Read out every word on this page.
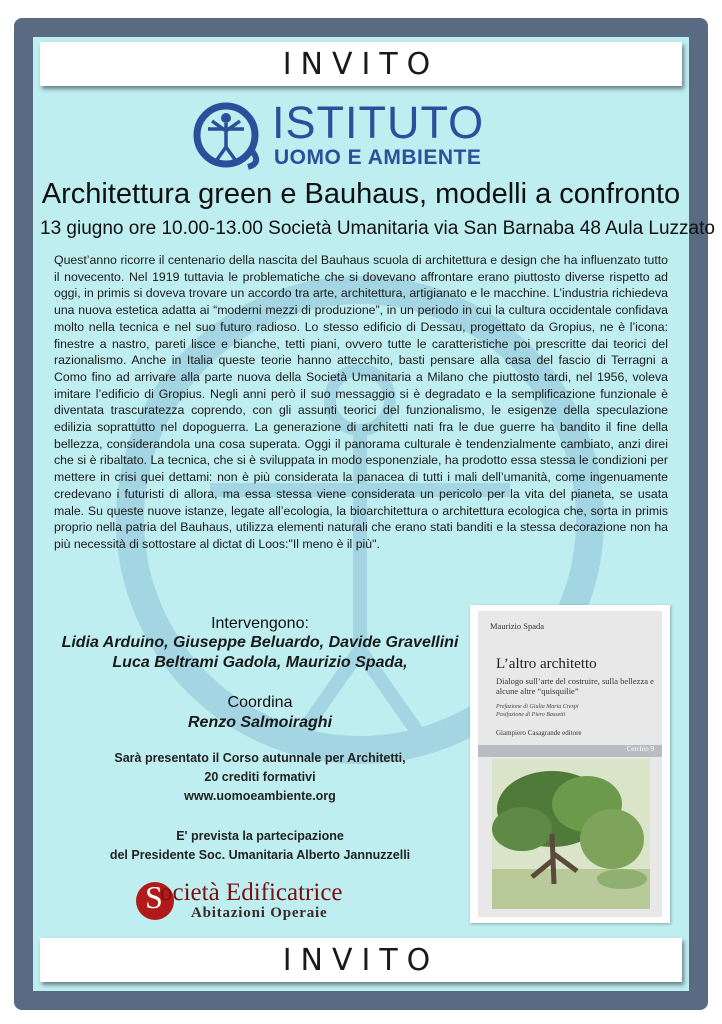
INVITO
ISTITUTO
UOMO E AMBIENTE
Architettura green e Bauhaus, modelli a confronto
13 giugno ore 10.00-13.00 Società Umanitaria via San Barnaba 48 Aula Luzzato
Quest’anno ricorre il centenario della nascita del Bauhaus scuola di architettura e design che ha influenzato tutto il novecento. Nel 1919 tuttavia le problematiche che si dovevano affrontare erano piuttosto diverse rispetto ad oggi, in primis si doveva trovare un accordo tra arte, architettura, artigianato e le macchine. L’industria richiedeva una nuova estetica adatta ai “moderni mezzi di produzione”, in un periodo in cui la cultura occidentale confidava molto nella tecnica e nel suo futuro radioso. Lo stesso edificio di Dessau, progettato da Gropius, ne è l’icona: finestre a nastro, pareti lisce e bianche, tetti piani, ovvero tutte le caratteristiche poi prescritte dai teorici del razionalismo. Anche in Italia queste teorie hanno attecchito, basti pensare alla casa del fascio di Terragni a Como fino ad arrivare alla parte nuova della Società Umanitaria a Milano che piuttosto tardi, nel 1956, voleva imitare l’edificio di Gropius. Negli anni però il suo messaggio si è degradato e la semplificazione funzionale è diventata trascuratezza coprendo, con gli assunti teorici del funzionalismo, le esigenze della speculazione edilizia soprattutto nel dopoguerra. La generazione di architetti nati fra le due guerre ha bandito il fine della bellezza, considerandola una cosa superata. Oggi il panorama culturale è tendenzialmente cambiato, anzi direi che si è ribaltato. La tecnica, che si è sviluppata in modo esponenziale, ha prodotto essa stessa le condizioni per mettere in crisi quei dettami: non è più considerata la panacea di tutti i mali dell’umanità, come ingenuamente credevano i futuristi di allora, ma essa stessa viene considerata un pericolo per la vita del pianeta, se usata male. Su queste nuove istanze, legate all’ecologia, la bioarchitettura o architettura ecologica che, sorta in primis proprio nella patria del Bauhaus, utilizza elementi naturali che erano stati banditi e la stessa decorazione non ha più necessità di sottostare al dictat di Loos:"Il meno è il più".
Intervengono:
Lidia Arduino, Giuseppe Beluardo, Davide Gravellini
Luca Beltrami Gadola, Maurizio Spada,
Coordina
Renzo Salmoiraghi
Sarà presentato il Corso autunnale per Architetti,
20 crediti formativi
www.uomoeambiente.org
E' prevista la partecipazione
del Presidente Soc. Umanitaria Alberto Jannuzzelli
S
ocietà Edificatrice
Abitazioni Operaie
Maurizio Spada
L’altro architetto
Dialogo sull’arte del costruire, sulla bellezza e alcune altre “quisquilie”
Prefazione di Giulia Maria Crespi
Postfazione di Piero Bassetti
Giampiero Casagrande editore
Cerchio 9
INVITO
